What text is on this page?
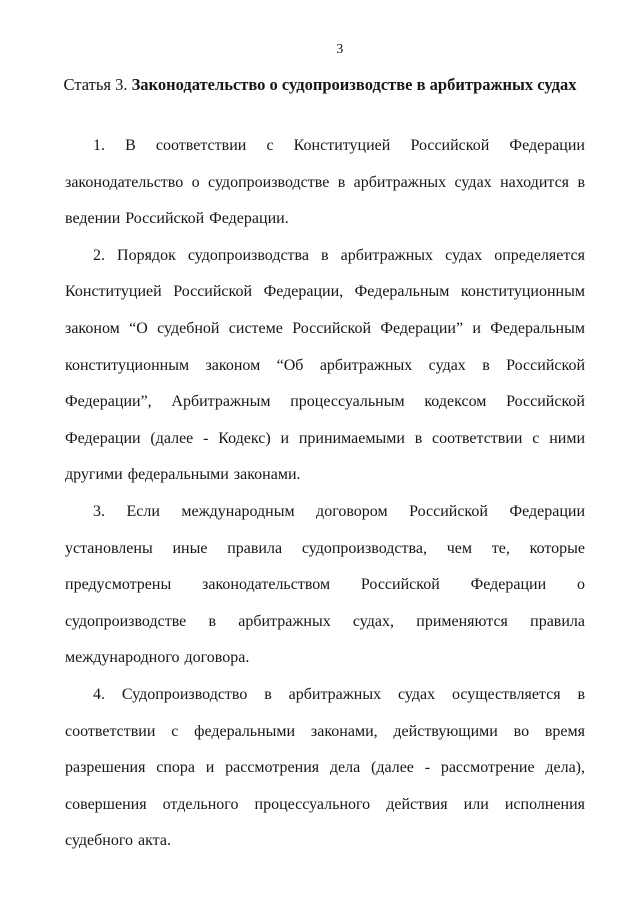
3
Статья 3. Законодательство о судопроизводстве в арбитражных судах

1. В соответствии с Конституцией Российской Федерации законодательство о судопроизводстве в арбитражных судах находится в ведении Российской Федерации.

2. Порядок судопроизводства в арбитражных судах определяется Конституцией Российской Федерации, Федеральным конституционным законом “О судебной системе Российской Федерации” и Федеральным конституционным законом “Об арбитражных судах в Российской Федерации”, Арбитражным процессуальным кодексом Российской Федерации (далее - Кодекс) и принимаемыми в соответствии с ними другими федеральными законами.

3. Если международным договором Российской Федерации установлены иные правила судопроизводства, чем те, которые предусмотрены законодательством Российской Федерации о судопроизводстве в арбитражных судах, применяются правила международного договора.

4. Судопроизводство в арбитражных судах осуществляется в соответствии с федеральными законами, действующими во время разрешения спора и рассмотрения дела (далее - рассмотрение дела), совершения отдельного процессуального действия или исполнения судебного акта.
